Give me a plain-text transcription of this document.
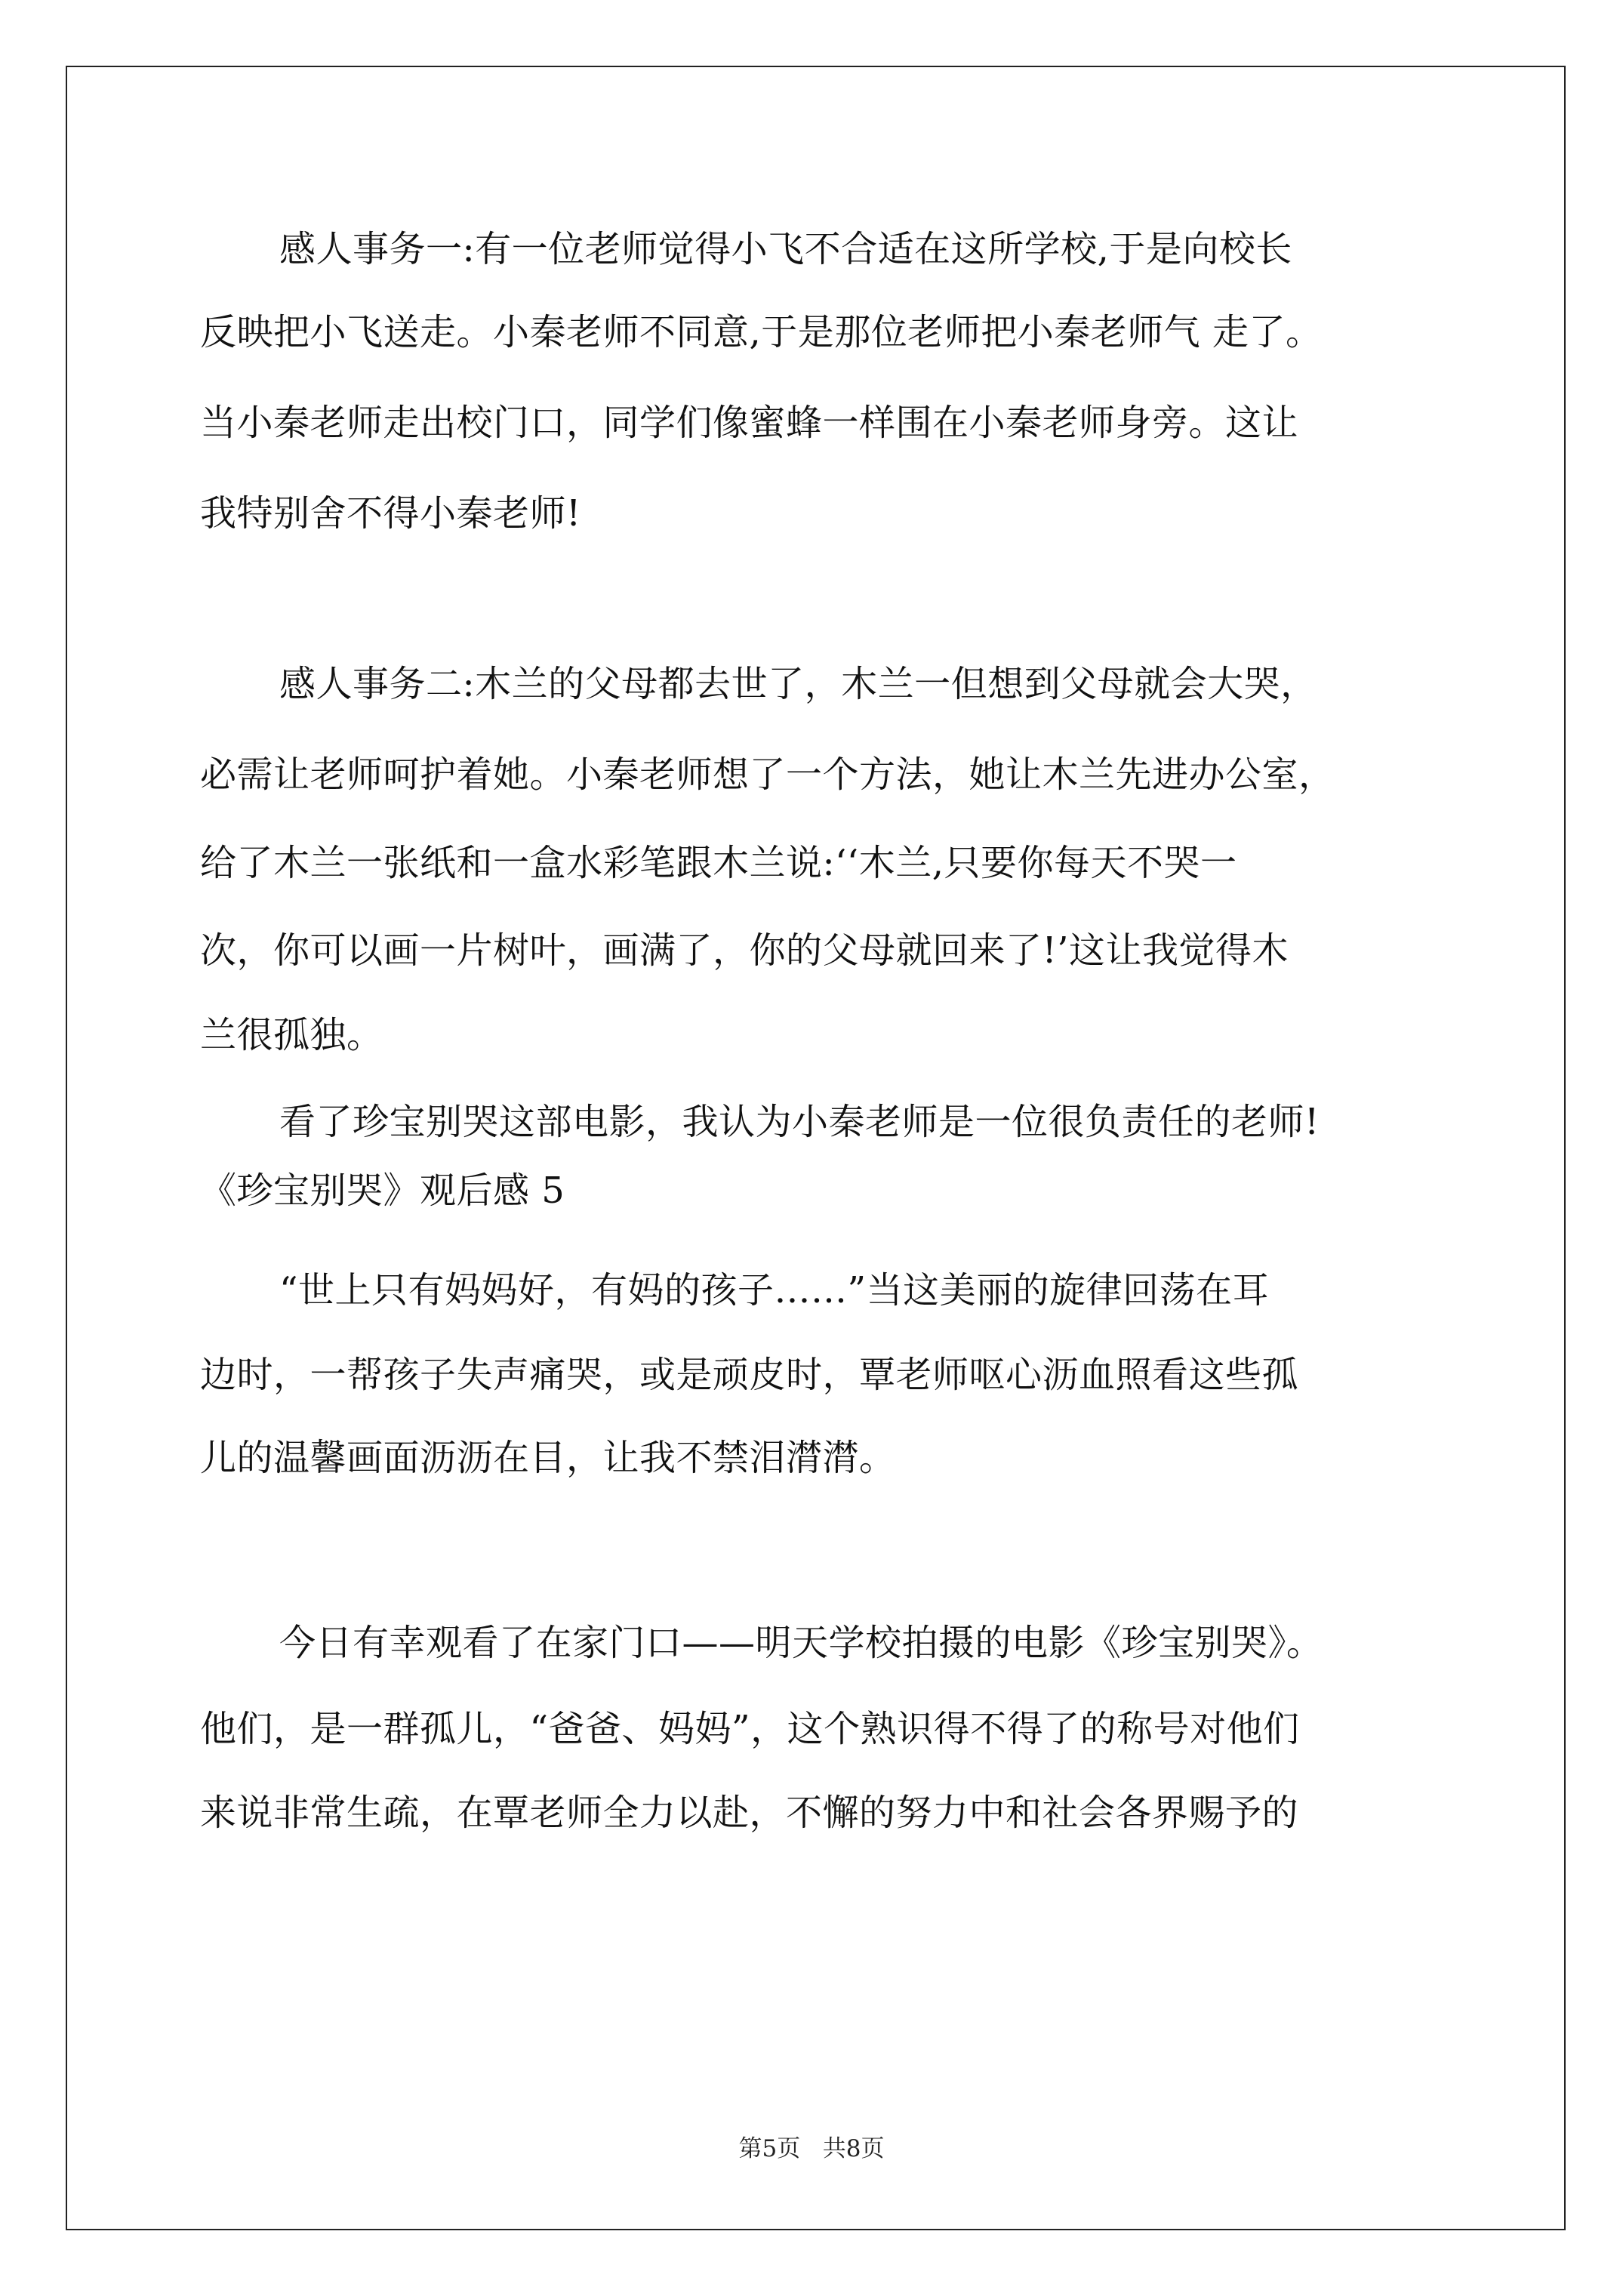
感人事务一:有一位老师觉得小飞不合适在这所学校,于是向校长
反映把小飞送走。小秦老师不同意,于是那位老师把小秦老师气 走了。
当小秦老师走出校门口，同学们像蜜蜂一样围在小秦老师身旁。这让
我特别舍不得小秦老师!
感人事务二:木兰的父母都去世了，木兰一但想到父母就会大哭，
必需让老师呵护着她。小秦老师想了一个方法，她让木兰先进办公室，
给了木兰一张纸和一盒水彩笔跟木兰说:‘‘木兰,只要你每天不哭一
次，你可以画一片树叶，画满了，你的父母就回来了!’这让我觉得木
兰很孤独。
看了珍宝别哭这部电影，我认为小秦老师是一位很负责任的老师!
《珍宝别哭》观后感 5
“世上只有妈妈好，有妈的孩子……”当这美丽的旋律回荡在耳
边时，一帮孩子失声痛哭，或是顽皮时，覃老师呕心沥血照看这些孤
儿的温馨画面沥沥在目，让我不禁泪潸潸。
今日有幸观看了在家门口——明天学校拍摄的电影《珍宝别哭》。
他们，是一群孤儿，“爸爸、妈妈”，这个熟识得不得了的称号对他们
来说非常生疏，在覃老师全力以赴，不懈的努力中和社会各界赐予的
第5页   共8页
